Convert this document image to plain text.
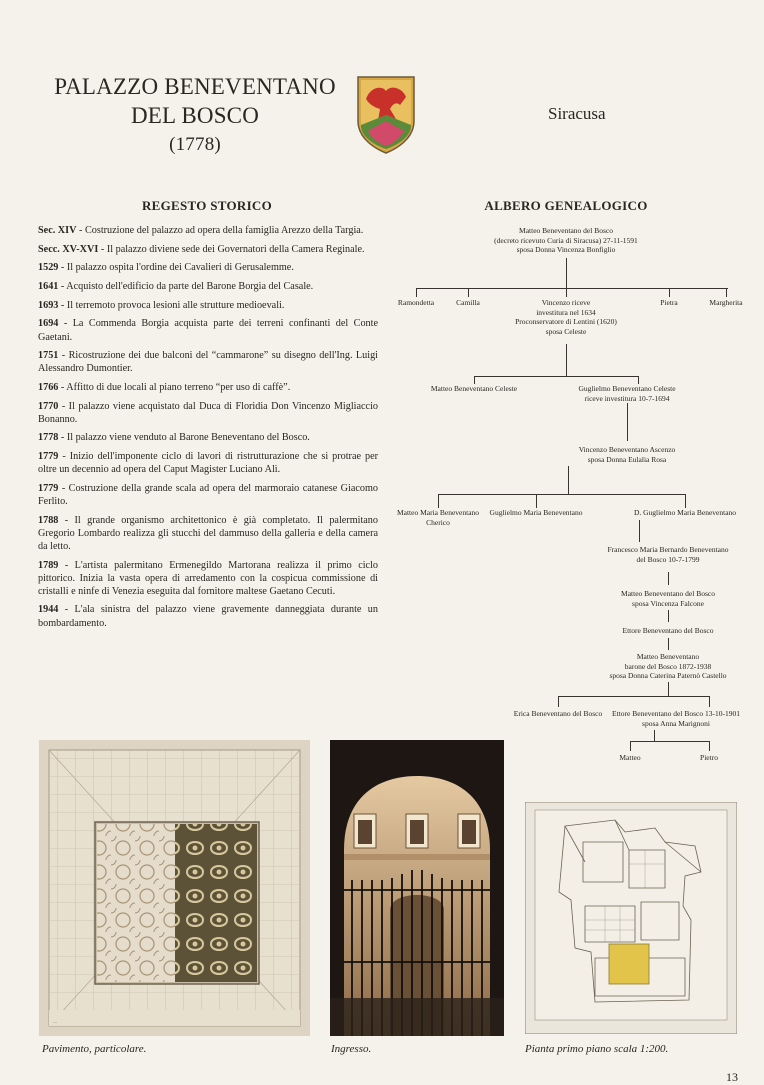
PALAZZO BENEVENTANO
DEL BOSCO
(1778)
Siracusa
REGESTO STORICO

Sec. XIV - Costruzione del palazzo ad opera della famiglia Arezzo della Targia.

Secc. XV-XVI - Il palazzo diviene sede dei Governatori della Camera Reginale.

1529 - Il palazzo ospita l'ordine dei Cavalieri di Gerusalemme.

1641 - Acquisto dell'edificio da parte del Barone Borgia del Casale.

1693 - Il terremoto provoca lesioni alle strutture medioevali.

1694 - La Commenda Borgia acquista parte dei terreni confinanti del Conte Gaetani.

1751 - Ricostruzione dei due balconi del “cammarone” su disegno dell'Ing. Luigi Alessandro Dumontier.

1766 - Affitto di due locali al piano terreno “per uso di caffè”.

1770 - Il palazzo viene acquistato dal Duca di Floridia Don Vincenzo Migliaccio Bonanno.

1778 - Il palazzo viene venduto al Barone Beneventano del Bosco.

1779 - Inizio dell'imponente ciclo di lavori di ristrutturazione che si protrae per oltre un decennio ad opera del Caput Magister Luciano Alì.

1779 - Costruzione della grande scala ad opera del marmoraio catanese Giacomo Ferlito.

1788 - Il grande organismo architettonico è già completato. Il palermitano Gregorio Lombardo realizza gli stucchi del dammuso della galleria e della camera da letto.

1789 - L'artista palermitano Ermenegildo Martorana realizza il primo ciclo pittorico. Inizia la vasta opera di arredamento con la cospicua commissione di cristalli e ninfe di Venezia eseguita dal fornitore maltese Gaetano Cecuti.

1944 - L'ala sinistra del palazzo viene gravemente danneggiata durante un bombardamento.

ALBERO GENEALOGICO
Matteo Beneventano del Bosco
(decreto ricevuto Curia di Siracusa) 27-11-1591
sposa Donna Vincenza Bonfiglio
Ramondetta	Camilla	Vincenzo riceve
investitura nel 1634
Proconservatore di Lentini (1620)
sposa Celeste
Pietra	Margherita
Matteo Beneventano Celeste	Guglielmo Beneventano Celeste
riceve investitura 10-7-1694
Vincenzo Beneventano Ascenzo
sposa Donna Eulalia Rosa
Matteo Maria Beneventano
Cherico
Guglielmo Maria Beneventano	D. Guglielmo Maria Beneventano
Francesco Maria Bernardo Beneventano
del Bosco 10-7-1799
Matteo Beneventano del Bosco
sposa Vincenza Falcone
Ettore Beneventano del Bosco
Matteo Beneventano
barone del Bosco 1872-1938
sposa Donna Caterina Paternò Castello
Erica Beneventano del Bosco Ettore Beneventano del Bosco 13-10-1901
sposa Anna Marignoni
Matteo	Pietro
—
Pavimento, particolare.	Ingresso.	Pianta primo piano scala 1:200.
13
